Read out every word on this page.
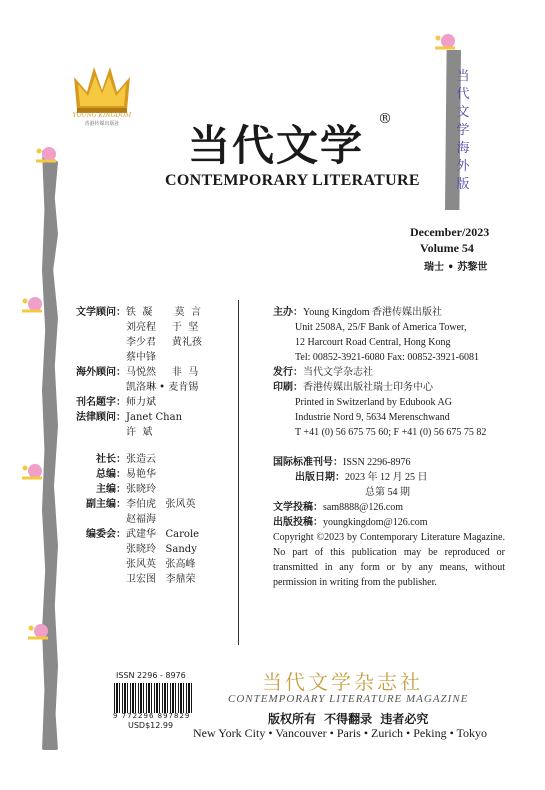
YOUNG KINGDOM
香港传媒出版社	当代文学
®
CONTEMPORARY LITERATURE
当代文学海外版
December/2023
Volume 54
瑞士 • 苏黎世
文学顾问： 铁  凝       莫  言
刘亮程     于  坚
李少君     黄礼孩
蔡中锋
海外顾问： 马悦然     非  马
凯洛琳 • 麦肯锡
刊名题字： 师力斌
法律顾问： Janet Chan
许  斌
社长： 张造云
总编： 易艳华
主编： 张晓玲
副主编： 李伯虎   张风英
赵福海
编委会： 武建华   Carole
张晓玲   Sandy
张风英   张高峰
卫宏图   李鼎荣
主办：Young Kingdom 香港传媒出版社
Unit 2508A, 25/F Bank of America Tower,
12 Harcourt Road Central, Hong Kong
Tel: 00852-3921-6080 Fax: 00852-3921-6081
发行：当代文学杂志社
印刷：香港传媒出版社瑞士印务中心
Printed in Switzerland by Edubook AG
Industrie Nord 9, 5634 Merenschwand
T +41 (0) 56 675 75 60; F +41 (0) 56 675 75 82
国际标准刊号：ISSN 2296-8976
出版日期：2023 年 12 月 25 日
总第 54 期
文学投稿：sam8888@126.com
出版投稿：youngkingdom@126.com
Copyright ©2023 by Contemporary Literature Magazine. No part of this publication may be reproduced or transmitted in any form or by any means, without permission in writing from the publisher.
ISSN 2296 - 8976
9 772296 897829
USD$12.99
当代文学杂志社
CONTEMPORARY LITERATURE MAGAZINE
版权所有 不得翻录 违者必究
New York City • Vancouver • Paris • Zurich • Peking • Tokyo
